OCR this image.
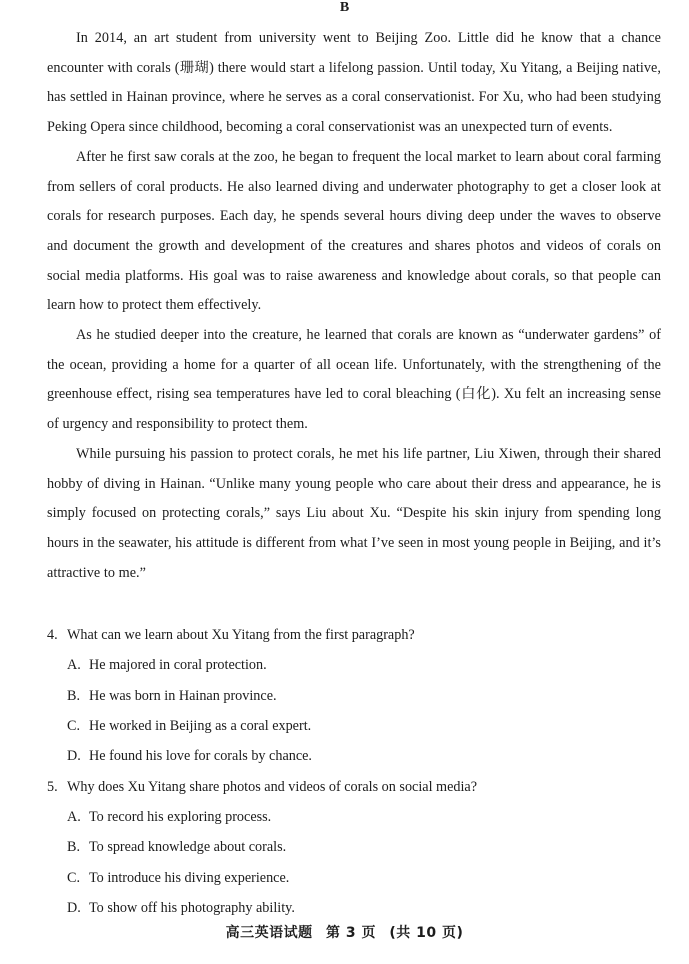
B

In 2014, an art student from university went to Beijing Zoo. Little did he know that a chance encounter with corals (珊瑚) there would start a lifelong passion. Until today, Xu Yitang, a Beijing native, has settled in Hainan province, where he serves as a coral conservationist. For Xu, who had been studying Peking Opera since childhood, becoming a coral conservationist was an unexpected turn of events.

After he first saw corals at the zoo, he began to frequent the local market to learn about coral farming from sellers of coral products. He also learned diving and underwater photography to get a closer look at corals for research purposes. Each day, he spends several hours diving deep under the waves to observe and document the growth and development of the creatures and shares photos and videos of corals on social media platforms. His goal was to raise awareness and knowledge about corals, so that people can learn how to protect them effectively.

As he studied deeper into the creature, he learned that corals are known as “underwater gardens” of the ocean, providing a home for a quarter of all ocean life. Unfortunately, with the strengthening of the greenhouse effect, rising sea temperatures have led to coral bleaching (白化). Xu felt an increasing sense of urgency and responsibility to protect them.

While pursuing his passion to protect corals, he met his life partner, Liu Xiwen, through their shared hobby of diving in Hainan. “Unlike many young people who care about their dress and appearance, he is simply focused on protecting corals,” says Liu about Xu. “Despite his skin injury from spending long hours in the seawater, his attitude is different from what I’ve seen in most young people in Beijing, and it’s attractive to me.”

4. What can we learn about Xu Yitang from the first paragraph?
A. He majored in coral protection.
B. He was born in Hainan province.
C. He worked in Beijing as a coral expert.
D. He found his love for corals by chance.
5. Why does Xu Yitang share photos and videos of corals on social media?
A. To record his exploring process.
B. To spread knowledge about corals.
C. To introduce his diving experience.
D. To show off his photography ability.
高三英语试题 第 3 页 (共 10 页)
